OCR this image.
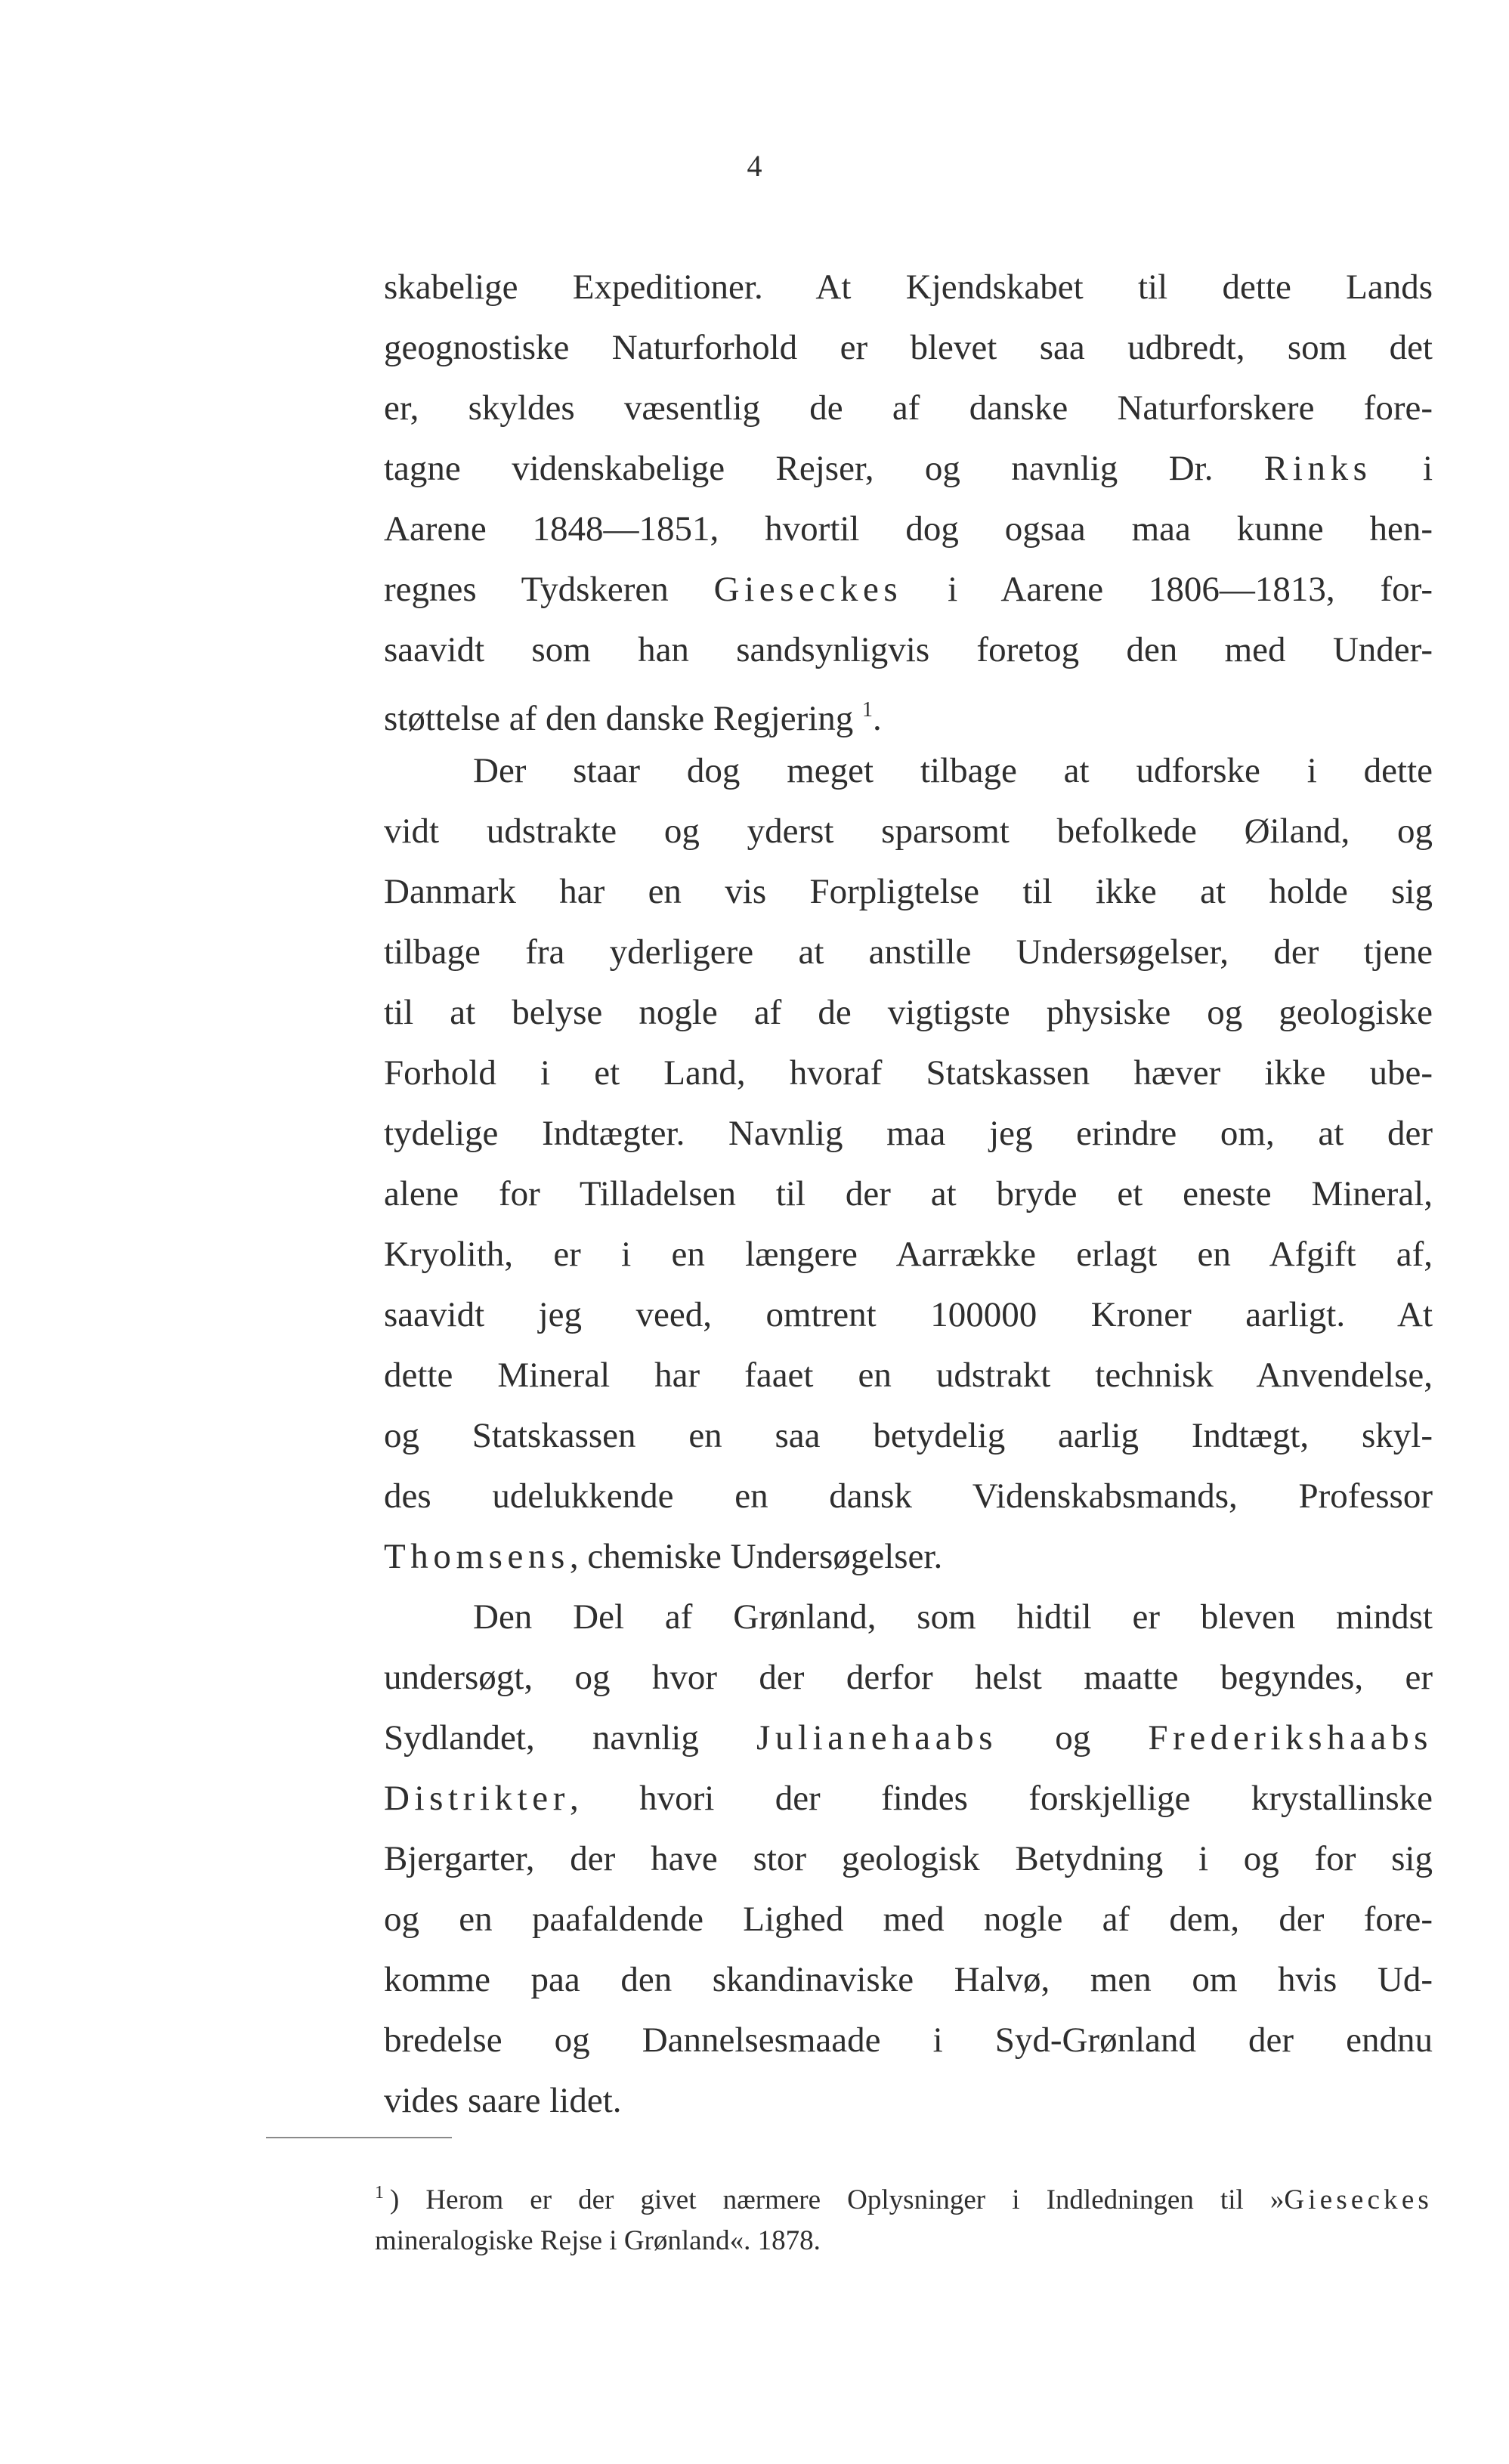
4
skabelige Expeditioner. At Kjendskabet til dette Lands
geognostiske Naturforhold er blevet saa udbredt, som det
er, skyldes væsentlig de af danske Naturforskere fore-
tagne videnskabelige Rejser, og navnlig Dr. Rinks i
Aarene 1848—1851, hvortil dog ogsaa maa kunne hen-
regnes Tydskeren Gieseckes i Aarene 1806—1813, for-
saavidt som han sandsynligvis foretog den med Under-
støttelse af den danske Regjering $^1$.
Der staar dog meget tilbage at udforske i dette
vidt udstrakte og yderst sparsomt befolkede Øiland, og
Danmark har en vis Forpligtelse til ikke at holde sig
tilbage fra yderligere at anstille Undersøgelser, der tjene
til at belyse nogle af de vigtigste physiske og geologiske
Forhold i et Land, hvoraf Statskassen hæver ikke ube-
tydelige Indtægter. Navnlig maa jeg erindre om, at der
alene for Tilladelsen til der at bryde et eneste Mineral,
Kryolith, er i en længere Aarrække erlagt en Afgift af,
saavidt jeg veed, omtrent 100000 Kroner aarligt. At
dette Mineral har faaet en udstrakt technisk Anvendelse,
og Statskassen en saa betydelig aarlig Indtægt, skyl-
des udelukkende en dansk Videnskabsmands, Professor
Thomsens, chemiske Undersøgelser.
Den Del af Grønland, som hidtil er bleven mindst
undersøgt, og hvor der derfor helst maatte begyndes, er
Sydlandet, navnlig Julianehaabs og Frederikshaabs
Distrikter, hvori der findes forskjellige krystallinske
Bjergarter, der have stor geologisk Betydning i og for sig
og en paafaldende Lighed med nogle af dem, der fore-
komme paa den skandinaviske Halvø, men om hvis Ud-
bredelse og Dannelsesmaade i Syd-Grønland der endnu
vides saare lidet.
$^1$ ) Herom er der givet nærmere Oplysninger i Indledningen til »Gieseckes
mineralogiske Rejse i Grønland«. 1878.
